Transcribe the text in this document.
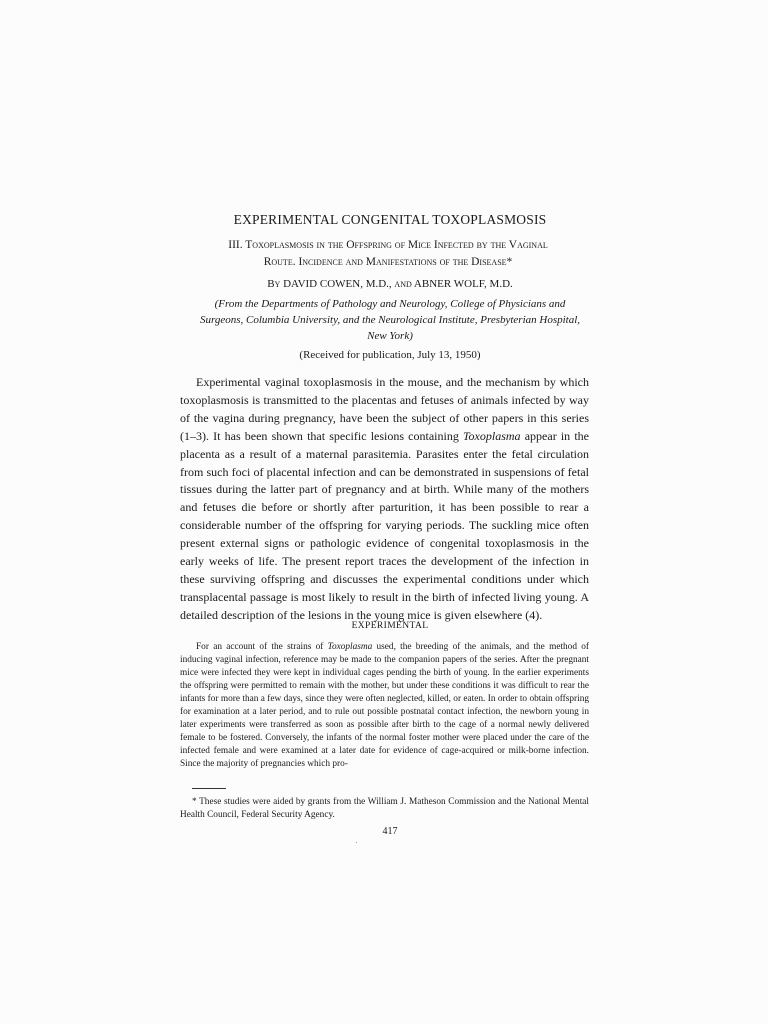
EXPERIMENTAL CONGENITAL TOXOPLASMOSIS
III. Toxoplasmosis in the Offspring of Mice Infected by the Vaginal
Route. Incidence and Manifestations of the Disease*
By DAVID COWEN, M.D., and ABNER WOLF, M.D.
(From the Departments of Pathology and Neurology, College of Physicians and Surgeons, Columbia University, and the Neurological Institute, Presbyterian Hospital, New York)
(Received for publication, July 13, 1950)

Experimental vaginal toxoplasmosis in the mouse, and the mechanism by which toxoplasmosis is transmitted to the placentas and fetuses of animals infected by way of the vagina during pregnancy, have been the subject of other papers in this series (1–3). It has been shown that specific lesions containing Toxoplasma appear in the placenta as a result of a maternal parasitemia. Parasites enter the fetal circulation from such foci of placental infection and can be demonstrated in suspensions of fetal tissues during the latter part of pregnancy and at birth. While many of the mothers and fetuses die before or shortly after parturition, it has been possible to rear a considerable number of the offspring for varying periods. The suckling mice often present external signs or pathologic evidence of congenital toxoplasmosis in the early weeks of life. The present report traces the development of the infection in these surviving offspring and discusses the experimental conditions under which transplacental passage is most likely to result in the birth of infected living young. A detailed description of the lesions in the young mice is given elsewhere (4).

EXPERIMENTAL

For an account of the strains of Toxoplasma used, the breeding of the animals, and the method of inducing vaginal infection, reference may be made to the companion papers of the series. After the pregnant mice were infected they were kept in individual cages pending the birth of young. In the earlier experiments the offspring were permitted to remain with the mother, but under these conditions it was difficult to rear the infants for more than a few days, since they were often neglected, killed, or eaten. In order to obtain offspring for examination at a later period, and to rule out possible postnatal contact infection, the newborn young in later experiments were transferred as soon as possible after birth to the cage of a normal newly delivered female to be fostered. Conversely, the infants of the normal foster mother were placed under the care of the infected female and were examined at a later date for evidence of cage-acquired or milk-borne infection. Since the majority of pregnancies which pro-

* These studies were aided by grants from the William J. Matheson Commission and the National Mental Health Council, Federal Security Agency.

417
